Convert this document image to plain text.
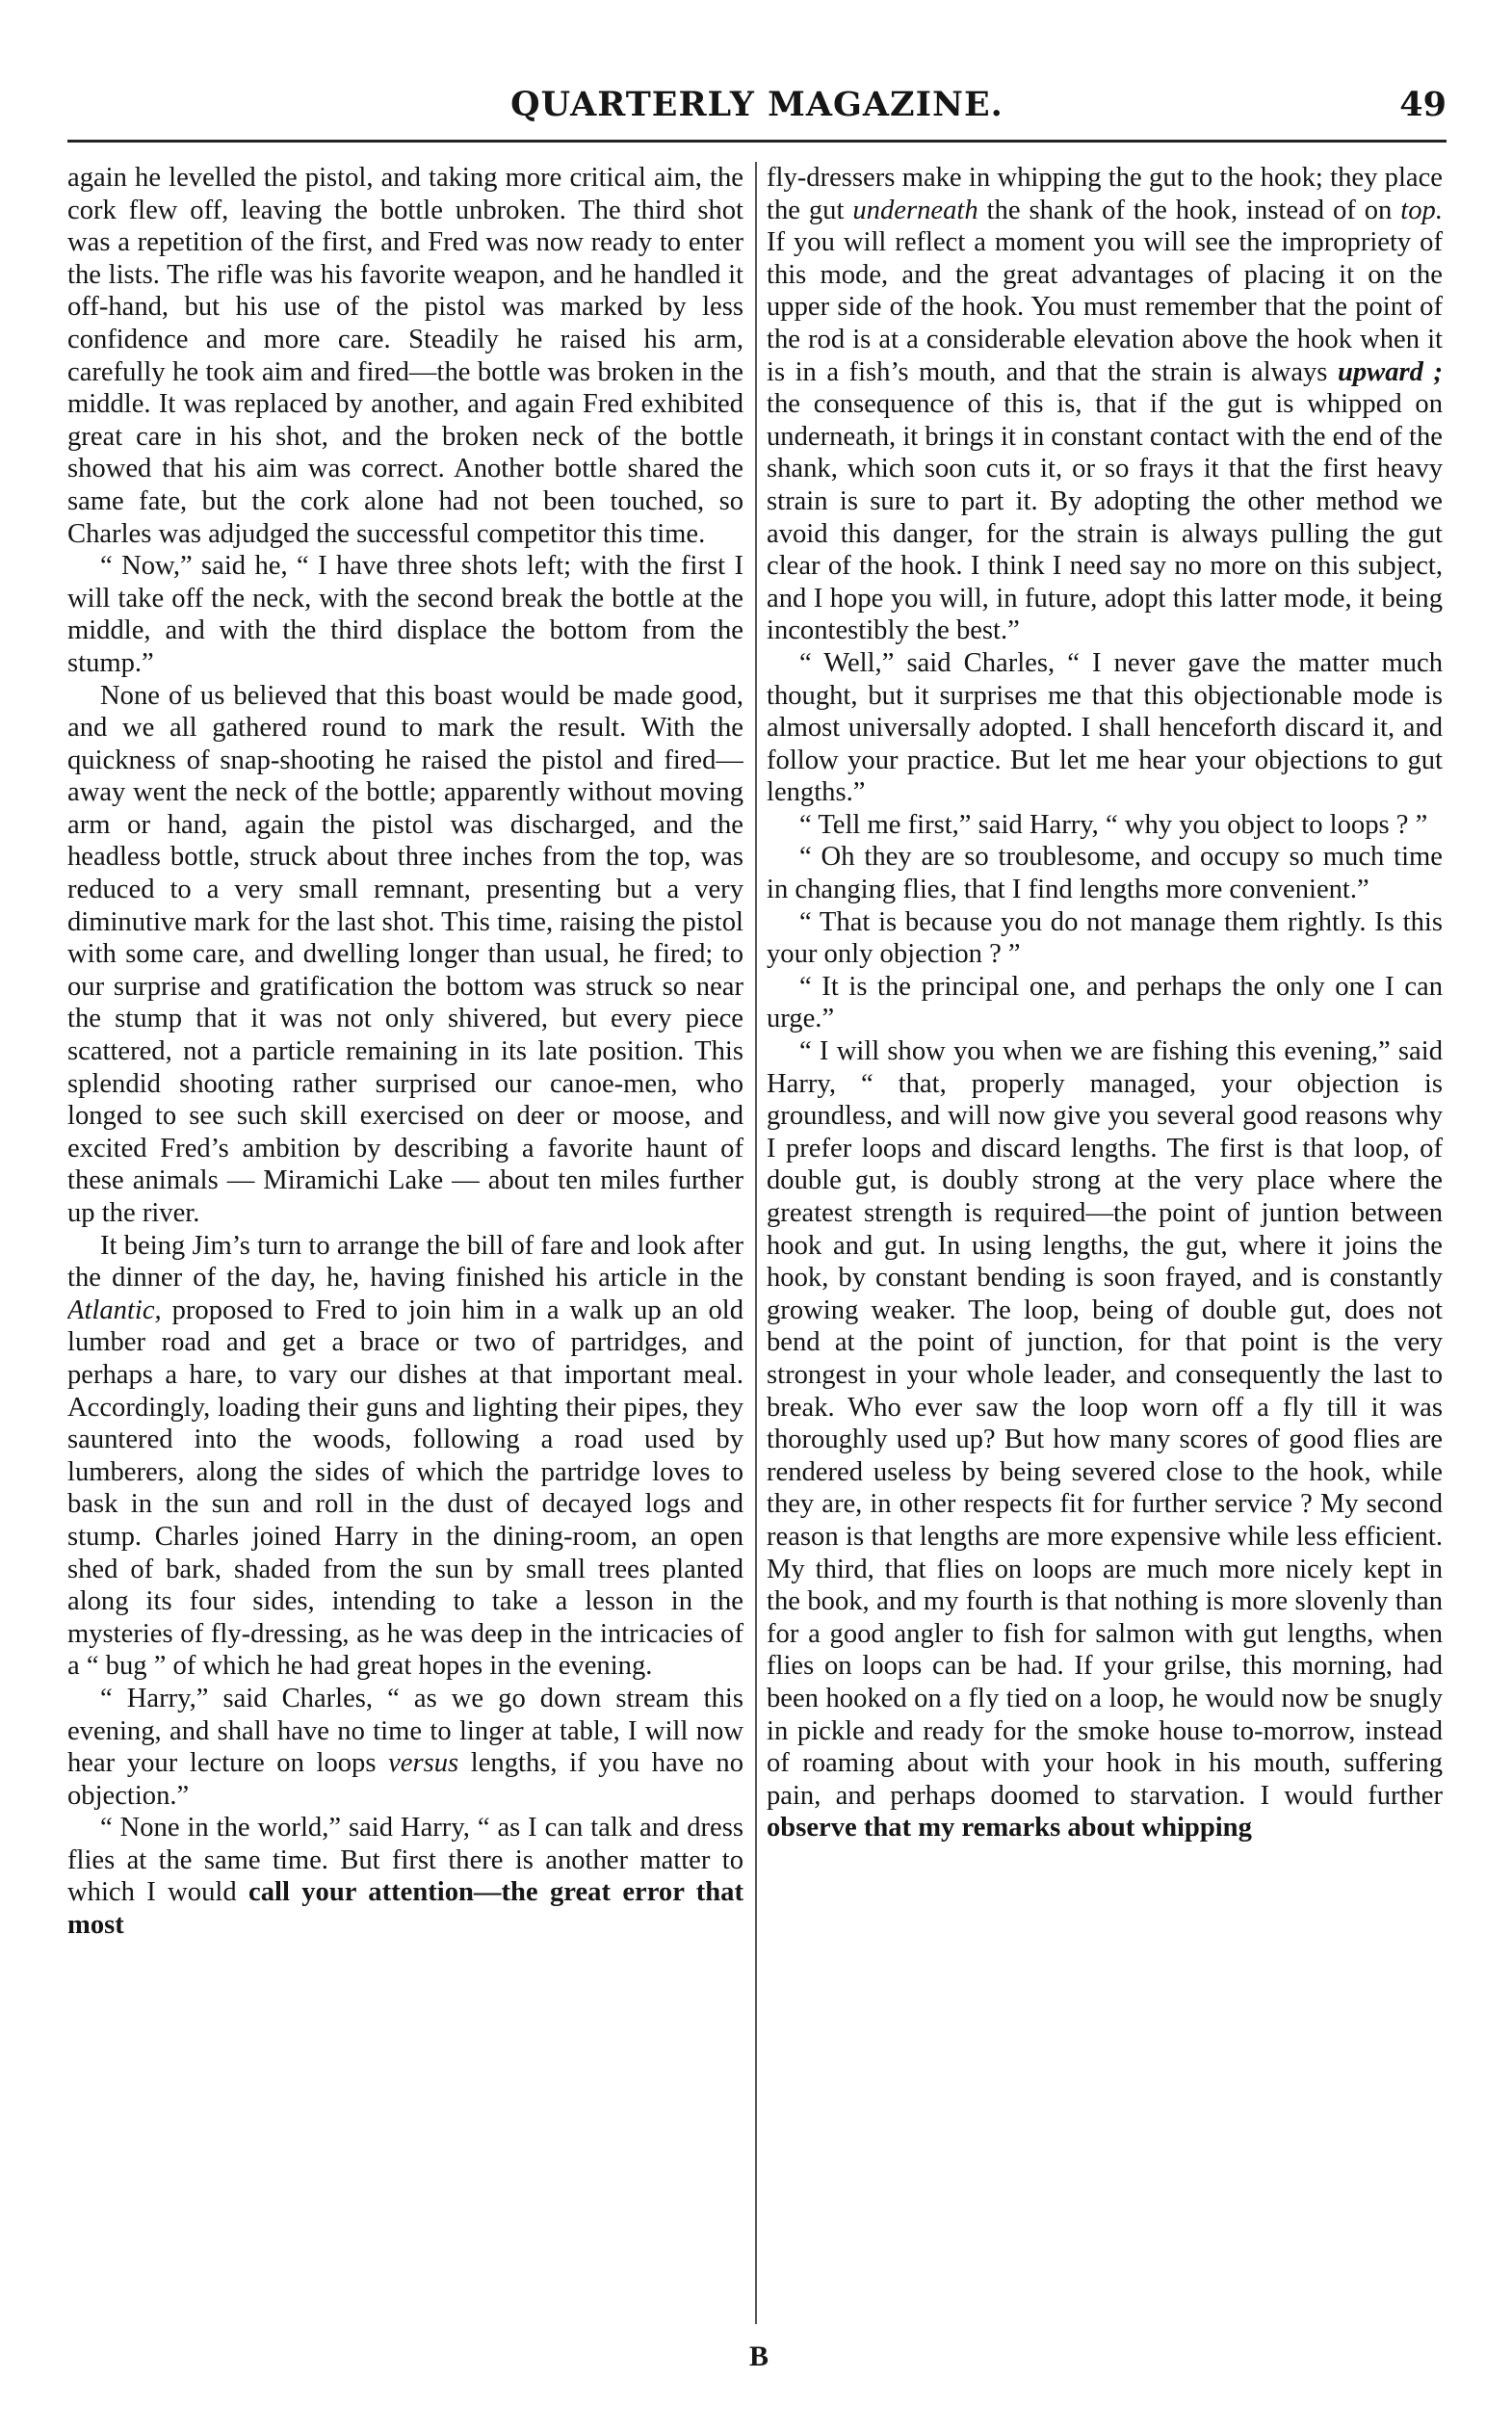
QUARTERLY MAGAZINE.	49

again he levelled the pistol, and taking more critical aim, the cork flew off, leaving the bottle unbroken. The third shot was a repetition of the first, and Fred was now ready to enter the lists. The rifle was his favorite weapon, and he handled it off-hand, but his use of the pistol was marked by less confidence and more care. Steadily he raised his arm, carefully he took aim and fired—the bottle was broken in the middle. It was replaced by another, and again Fred exhibited great care in his shot, and the broken neck of the bottle showed that his aim was correct. Another bottle shared the same fate, but the cork alone had not been touched, so Charles was adjudged the successful competitor this time.

“ Now,” said he, “ I have three shots left; with the first I will take off the neck, with the second break the bottle at the middle, and with the third displace the bottom from the stump.”

None of us believed that this boast would be made good, and we all gathered round to mark the result. With the quickness of snap-shooting he raised the pistol and fired—away went the neck of the bottle; apparently without moving arm or hand, again the pistol was discharged, and the headless bottle, struck about three inches from the top, was reduced to a very small remnant, presenting but a very diminutive mark for the last shot. This time, raising the pistol with some care, and dwelling longer than usual, he fired; to our surprise and gratification the bottom was struck so near the stump that it was not only shivered, but every piece scattered, not a particle remaining in its late position. This splendid shooting rather surprised our canoe-men, who longed to see such skill exercised on deer or moose, and excited Fred’s ambition by describing a favorite haunt of these animals — Miramichi Lake — about ten miles further up the river.

It being Jim’s turn to arrange the bill of fare and look after the dinner of the day, he, having finished his article in the Atlantic, proposed to Fred to join him in a walk up an old lumber road and get a brace or two of partridges, and perhaps a hare, to vary our dishes at that important meal. Accordingly, loading their guns and lighting their pipes, they sauntered into the woods, following a road used by lumberers, along the sides of which the partridge loves to bask in the sun and roll in the dust of decayed logs and stump. Charles joined Harry in the dining-room, an open shed of bark, shaded from the sun by small trees planted along its four sides, intending to take a lesson in the mysteries of fly-dressing, as he was deep in the intricacies of a “ bug ” of which he had great hopes in the evening.

“ Harry,” said Charles, “ as we go down stream this evening, and shall have no time to linger at table, I will now hear your lecture on loops versus lengths, if you have no objection.”

“ None in the world,” said Harry, “ as I can talk and dress flies at the same time. But first there is another matter to which I would call your attention—the great error that most

fly-dressers make in whipping the gut to the hook; they place the gut underneath the shank of the hook, instead of on top. If you will reflect a moment you will see the impropriety of this mode, and the great advantages of placing it on the upper side of the hook. You must remember that the point of the rod is at a considerable elevation above the hook when it is in a fish’s mouth, and that the strain is always upward ; the consequence of this is, that if the gut is whipped on underneath, it brings it in constant contact with the end of the shank, which soon cuts it, or so frays it that the first heavy strain is sure to part it. By adopting the other method we avoid this danger, for the strain is always pulling the gut clear of the hook. I think I need say no more on this subject, and I hope you will, in future, adopt this latter mode, it being incontestibly the best.”

“ Well,” said Charles, “ I never gave the matter much thought, but it surprises me that this objectionable mode is almost universally adopted. I shall henceforth discard it, and follow your practice. But let me hear your objections to gut lengths.”

“ Tell me first,” said Harry, “ why you object to loops ? ”

“ Oh they are so troublesome, and occupy so much time in changing flies, that I find lengths more convenient.”

“ That is because you do not manage them rightly. Is this your only objection ? ”

“ It is the principal one, and perhaps the only one I can urge.”

“ I will show you when we are fishing this evening,” said Harry, “ that, properly managed, your objection is groundless, and will now give you several good reasons why I prefer loops and discard lengths. The first is that loop, of double gut, is doubly strong at the very place where the greatest strength is required—the point of juntion between hook and gut. In using lengths, the gut, where it joins the hook, by constant bending is soon frayed, and is constantly growing weaker. The loop, being of double gut, does not bend at the point of junction, for that point is the very strongest in your whole leader, and consequently the last to break. Who ever saw the loop worn off a fly till it was thoroughly used up? But how many scores of good flies are rendered useless by being severed close to the hook, while they are, in other respects fit for further service ? My second reason is that lengths are more expensive while less efficient. My third, that flies on loops are much more nicely kept in the book, and my fourth is that nothing is more slovenly than for a good angler to fish for salmon with gut lengths, when flies on loops can be had. If your grilse, this morning, had been hooked on a fly tied on a loop, he would now be snugly in pickle and ready for the smoke house to-morrow, instead of roaming about with your hook in his mouth, suffering pain, and perhaps doomed to starvation. I would further observe that my remarks about whipping

B
